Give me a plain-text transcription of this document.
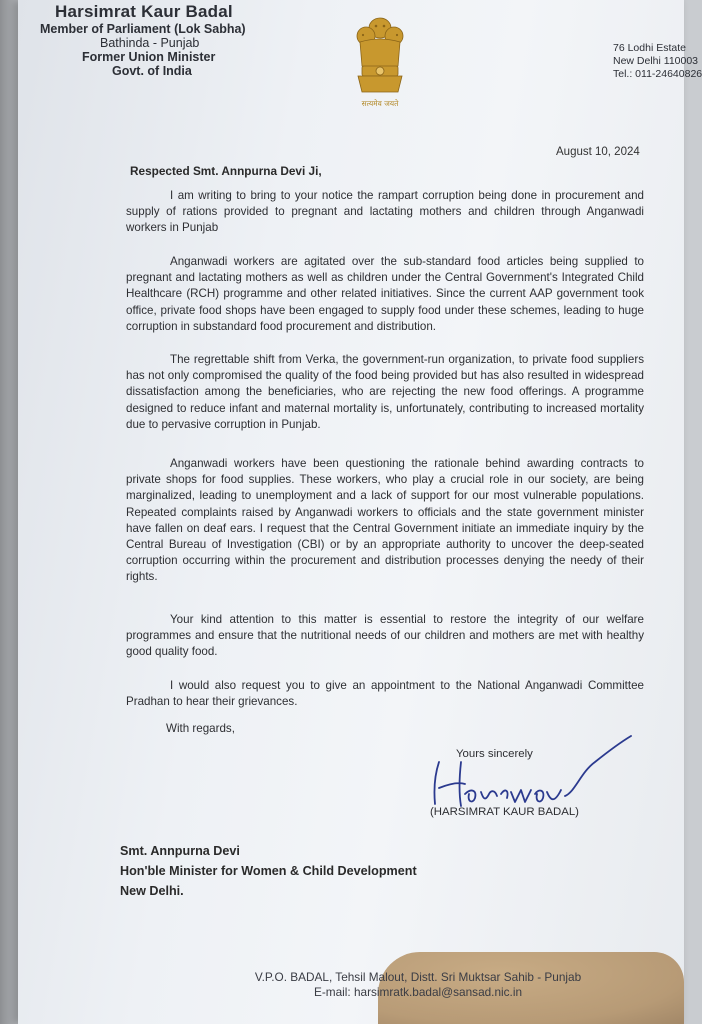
Harsimrat Kaur Badal
Member of Parliament (Lok Sabha)
Bathinda - Punjab
Former Union Minister
Govt. of India
सत्यमेव जयते
76 Lodhi Estate
New Delhi 110003
Tel.: 011-24640826
August 10, 2024
Respected Smt. Annpurna Devi Ji,

I am writing to bring to your notice the rampart corruption being done in procurement and supply of rations provided to pregnant and lactating mothers and children through Anganwadi workers in Punjab

Anganwadi workers are agitated over the sub-standard food articles being supplied to pregnant and lactating mothers as well as children under the Central Government's Integrated Child Healthcare (RCH) programme and other related initiatives. Since the current AAP government took office, private food shops have been engaged to supply food under these schemes, leading to huge corruption in substandard food procurement and distribution.

The regrettable shift from Verka, the government-run organization, to private food suppliers has not only compromised the quality of the food being provided but has also resulted in widespread dissatisfaction among the beneficiaries, who are rejecting the new food offerings. A programme designed to reduce infant and maternal mortality is, unfortunately, contributing to increased mortality due to pervasive corruption in Punjab.

Anganwadi workers have been questioning the rationale behind awarding contracts to private shops for food supplies. These workers, who play a crucial role in our society, are being marginalized, leading to unemployment and a lack of support for our most vulnerable populations. Repeated complaints raised by Anganwadi workers to officials and the state government minister have fallen on deaf ears. I request that the Central Government initiate an immediate inquiry by the Central Bureau of Investigation (CBI) or by an appropriate authority to uncover the deep-seated corruption occurring within the procurement and distribution processes denying the needy of their rights.

Your kind attention to this matter is essential to restore the integrity of our welfare programmes and ensure that the nutritional needs of our children and mothers are met with healthy good quality food.

I would also request you to give an appointment to the National Anganwadi Committee Pradhan to hear their grievances.

With regards,
Yours sincerely
(HARSIMRAT KAUR BADAL)
Smt. Annpurna Devi
Hon'ble Minister for Women & Child Development
New Delhi.
V.P.O. BADAL, Tehsil Malout, Distt. Sri Muktsar Sahib - Punjab
E-mail: harsimratk.badal@sansad.nic.in
